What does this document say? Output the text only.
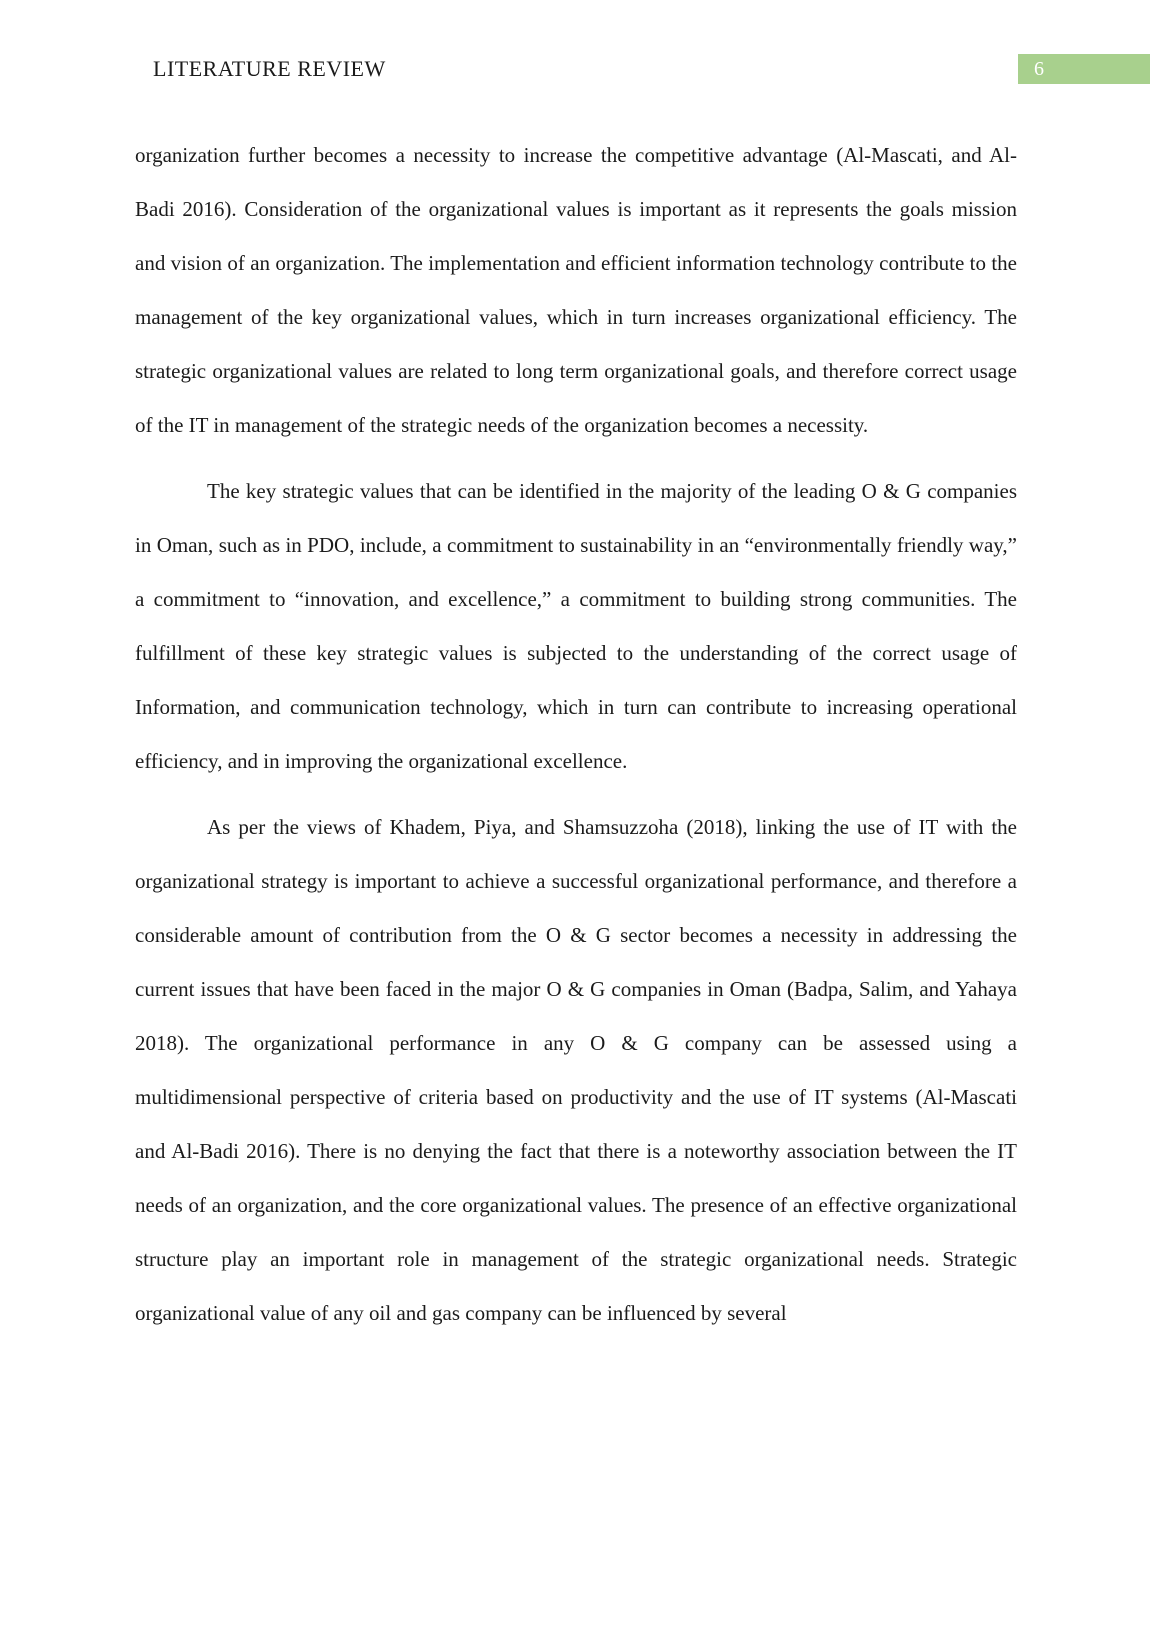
LITERATURE REVIEW	6

organization further becomes a necessity to increase the competitive advantage (Al-Mascati, and Al-Badi 2016). Consideration of the organizational values is important as it represents the goals mission and vision of an organization. The implementation and efficient information technology contribute to the management of the key organizational values, which in turn increases organizational efficiency. The strategic organizational values are related to long term organizational goals, and therefore correct usage of the IT in management of the strategic needs of the organization becomes a necessity.

The key strategic values that can be identified in the majority of the leading O & G companies in Oman, such as in PDO, include, a commitment to sustainability in an “environmentally friendly way,” a commitment to “innovation, and excellence,” a commitment to building strong communities. The fulfillment of these key strategic values is subjected to the understanding of the correct usage of Information, and communication technology, which in turn can contribute to increasing operational efficiency, and in improving the organizational excellence.

As per the views of Khadem, Piya, and Shamsuzzoha (2018), linking the use of IT with the organizational strategy is important to achieve a successful organizational performance, and therefore a considerable amount of contribution from the O & G sector becomes a necessity in addressing the current issues that have been faced in the major O & G companies in Oman (Badpa, Salim, and Yahaya 2018). The organizational performance in any O & G company can be assessed using a multidimensional perspective of criteria based on productivity and the use of IT systems (Al-Mascati and Al-Badi 2016). There is no denying the fact that there is a noteworthy association between the IT needs of an organization, and the core organizational values. The presence of an effective organizational structure play an important role in management of the strategic organizational needs. Strategic organizational value of any oil and gas company can be influenced by several
